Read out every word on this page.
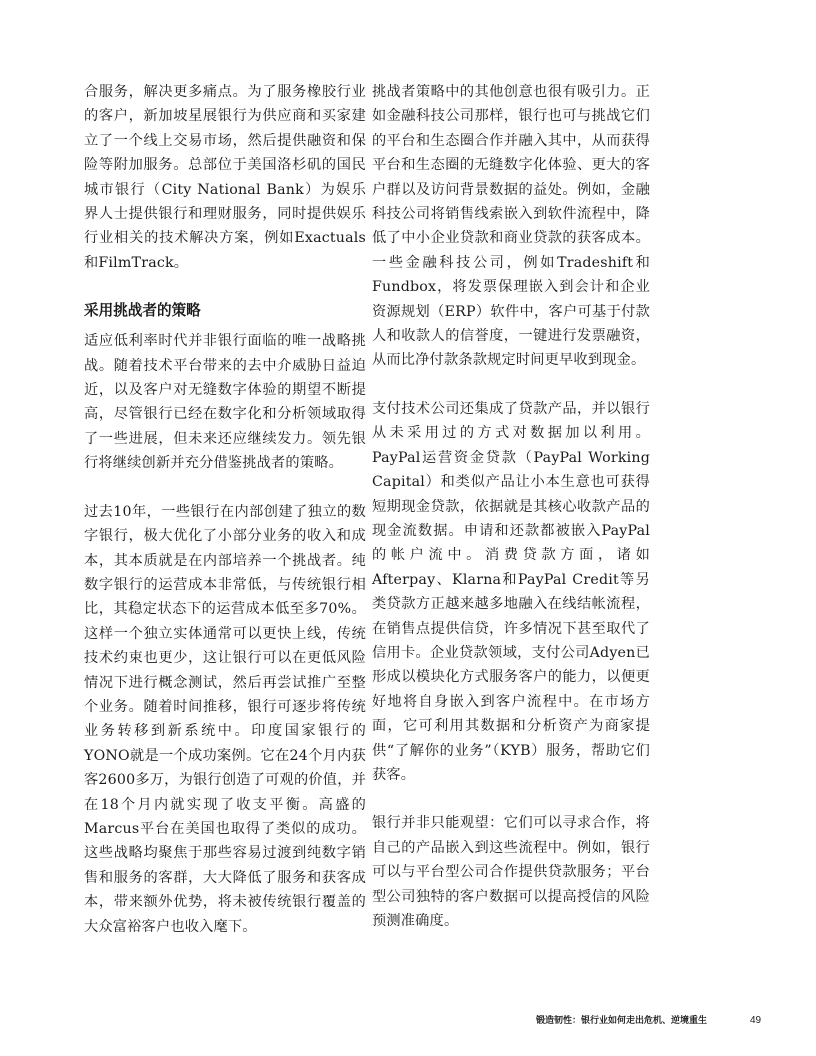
合服务，解决更多痛点。为了服务橡胶行业的客户，新加坡星展银行为供应商和买家建立了一个线上交易市场，然后提供融资和保险等附加服务。总部位于美国洛杉矶的国民城市银行（City National Bank）为娱乐界人士提供银行和理财服务，同时提供娱乐行业相关的技术解决方案，例如Exactuals和FilmTrack。

采用挑战者的策略

适应低利率时代并非银行面临的唯一战略挑战。随着技术平台带来的去中介威胁日益迫近，以及客户对无缝数字体验的期望不断提高，尽管银行已经在数字化和分析领域取得了一些进展，但未来还应继续发力。领先银行将继续创新并充分借鉴挑战者的策略。

过去10年，一些银行在内部创建了独立的数字银行，极大优化了小部分业务的收入和成本，其本质就是在内部培养一个挑战者。纯数字银行的运营成本非常低，与传统银行相比，其稳定状态下的运营成本低至多70%。这样一个独立实体通常可以更快上线，传统技术约束也更少，这让银行可以在更低风险情况下进行概念测试，然后再尝试推广至整个业务。随着时间推移，银行可逐步将传统业务转移到新系统中。印度国家银行的YONO就是一个成功案例。它在24个月内获客2600多万，为银行创造了可观的价值，并在18个月内就实现了收支平衡。高盛的Marcus平台在美国也取得了类似的成功。这些战略均聚焦于那些容易过渡到纯数字销售和服务的客群，大大降低了服务和获客成本，带来额外优势，将未被传统银行覆盖的大众富裕客户也收入麾下。

挑战者策略中的其他创意也很有吸引力。正如金融科技公司那样，银行也可与挑战它们的平台和生态圈合作并融入其中，从而获得平台和生态圈的无缝数字化体验、更大的客户群以及访问背景数据的益处。例如，金融科技公司将销售线索嵌入到软件流程中，降低了中小企业贷款和商业贷款的获客成本。一些金融科技公司，例如Tradeshift和Fundbox，将发票保理嵌入到会计和企业资源规划（ERP）软件中，客户可基于付款人和收款人的信誉度，一键进行发票融资，从而比净付款条款规定时间更早收到现金。

支付技术公司还集成了贷款产品，并以银行从未采用过的方式对数据加以利用。PayPal运营资金贷款（PayPal Working Capital）和类似产品让小本生意也可获得短期现金贷款，依据就是其核心收款产品的现金流数据。申请和还款都被嵌入PayPal的帐户流中。消费贷款方面，诸如Afterpay、Klarna和PayPal Credit等另类贷款方正越来越多地融入在线结帐流程，在销售点提供信贷，许多情况下甚至取代了信用卡。企业贷款领域，支付公司Adyen已形成以模块化方式服务客户的能力，以便更好地将自身嵌入到客户流程中。在市场方面，它可利用其数据和分析资产为商家提供“了解你的业务”（KYB）服务，帮助它们获客。

银行并非只能观望：它们可以寻求合作，将自己的产品嵌入到这些流程中。例如，银行可以与平台型公司合作提供贷款服务；平台型公司独特的客户数据可以提高授信的风险预测准确度。

锻造韧性：银行业如何走出危机、逆境重生	49
